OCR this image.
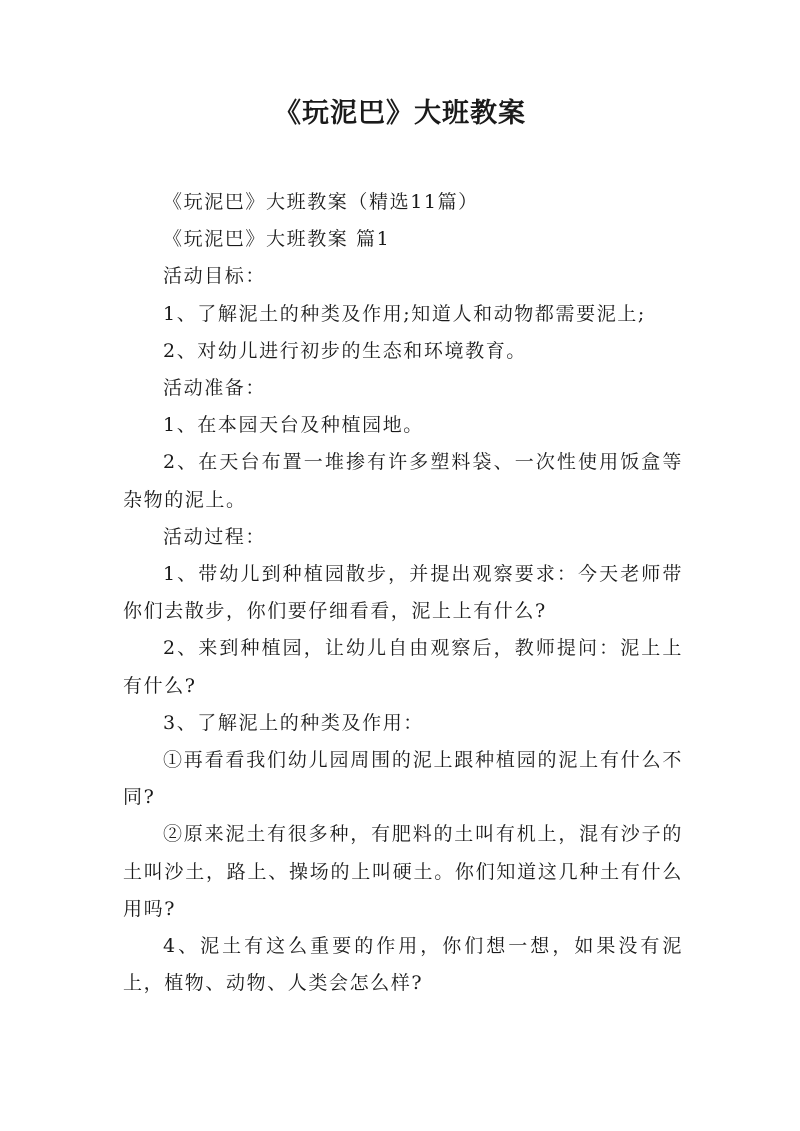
《玩泥巴》大班教案

《玩泥巴》大班教案（精选11篇）

《玩泥巴》大班教案 篇1

活动目标：

1、了解泥土的种类及作用;知道人和动物都需要泥上;

2、对幼儿进行初步的生态和环境教育。

活动准备：

1、在本园天台及种植园地。

2、在天台布置一堆掺有许多塑料袋、一次性使用饭盒等杂物的泥上。

活动过程：

1、带幼儿到种植园散步，并提出观察要求：今天老师带你们去散步，你们要仔细看看，泥上上有什么?

2、来到种植园，让幼儿自由观察后，教师提问：泥上上有什么?

3、了解泥上的种类及作用：

①再看看我们幼儿园周围的泥上跟种植园的泥上有什么不同?

②原来泥土有很多种，有肥料的土叫有机上，混有沙子的土叫沙土，路上、操场的上叫硬土。你们知道这几种土有什么用吗?

4、泥土有这么重要的作用，你们想一想，如果没有泥上，植物、动物、人类会怎么样?
